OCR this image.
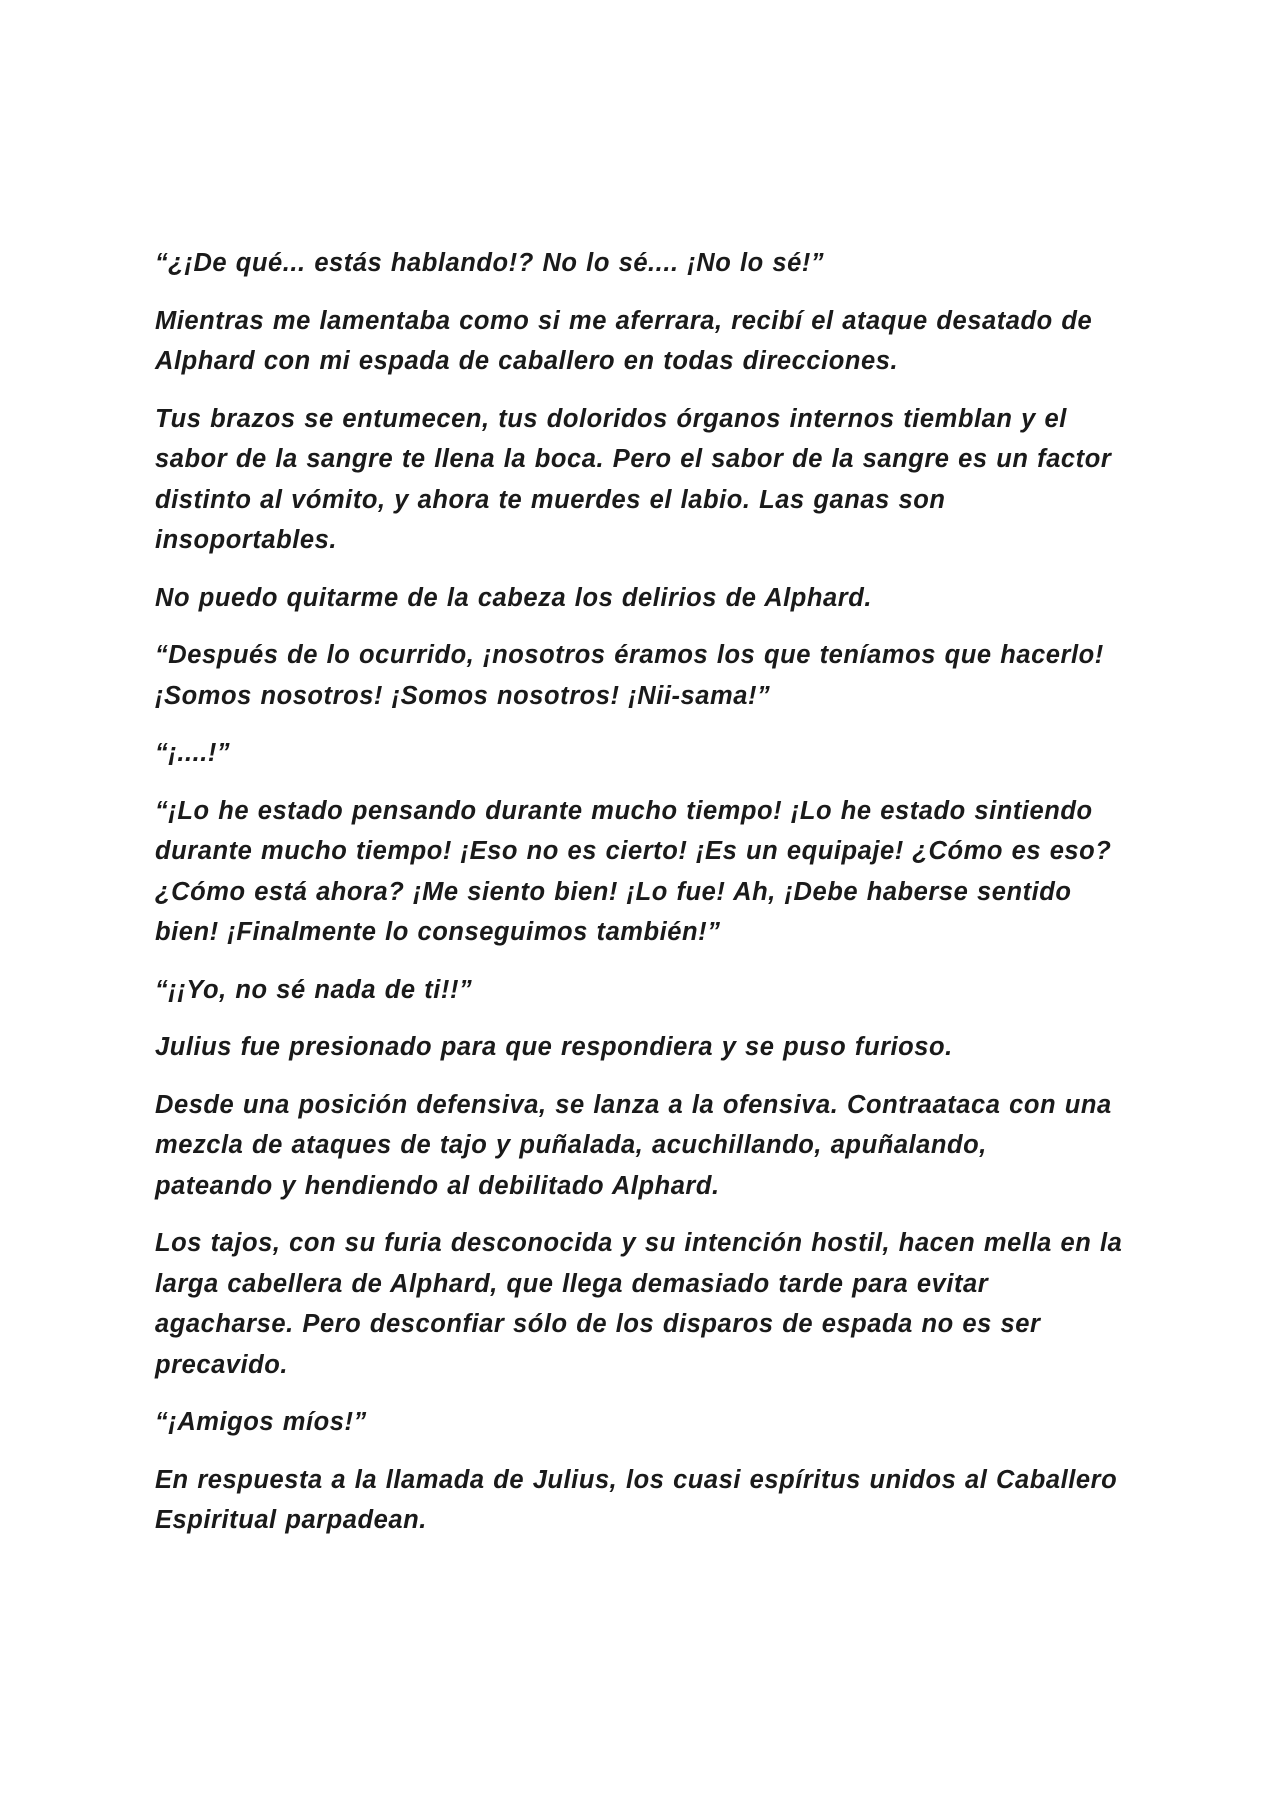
“¿¡De qué... estás hablando!? No lo sé.... ¡No lo sé!”
Mientras me lamentaba como si me aferrara, recibí el ataque desatado de
Alphard con mi espada de caballero en todas direcciones.
Tus brazos se entumecen, tus doloridos órganos internos tiemblan y el
sabor de la sangre te llena la boca. Pero el sabor de la sangre es un factor
distinto al vómito, y ahora te muerdes el labio. Las ganas son
insoportables.
No puedo quitarme de la cabeza los delirios de Alphard.
“Después de lo ocurrido, ¡nosotros éramos los que teníamos que hacerlo!
¡Somos nosotros! ¡Somos nosotros! ¡Nii-sama!”
“¡....!”
“¡Lo he estado pensando durante mucho tiempo! ¡Lo he estado sintiendo
durante mucho tiempo! ¡Eso no es cierto! ¡Es un equipaje! ¿Cómo es eso?
¿Cómo está ahora? ¡Me siento bien! ¡Lo fue! Ah, ¡Debe haberse sentido
bien! ¡Finalmente lo conseguimos también!”
“¡¡Yo, no sé nada de ti!!”
Julius fue presionado para que respondiera y se puso furioso.
Desde una posición defensiva, se lanza a la ofensiva. Contraataca con una
mezcla de ataques de tajo y puñalada, acuchillando, apuñalando,
pateando y hendiendo al debilitado Alphard.
Los tajos, con su furia desconocida y su intención hostil, hacen mella en la
larga cabellera de Alphard, que llega demasiado tarde para evitar
agacharse. Pero desconfiar sólo de los disparos de espada no es ser
precavido.
“¡Amigos míos!”
En respuesta a la llamada de Julius, los cuasi espíritus unidos al Caballero
Espiritual parpadean.
